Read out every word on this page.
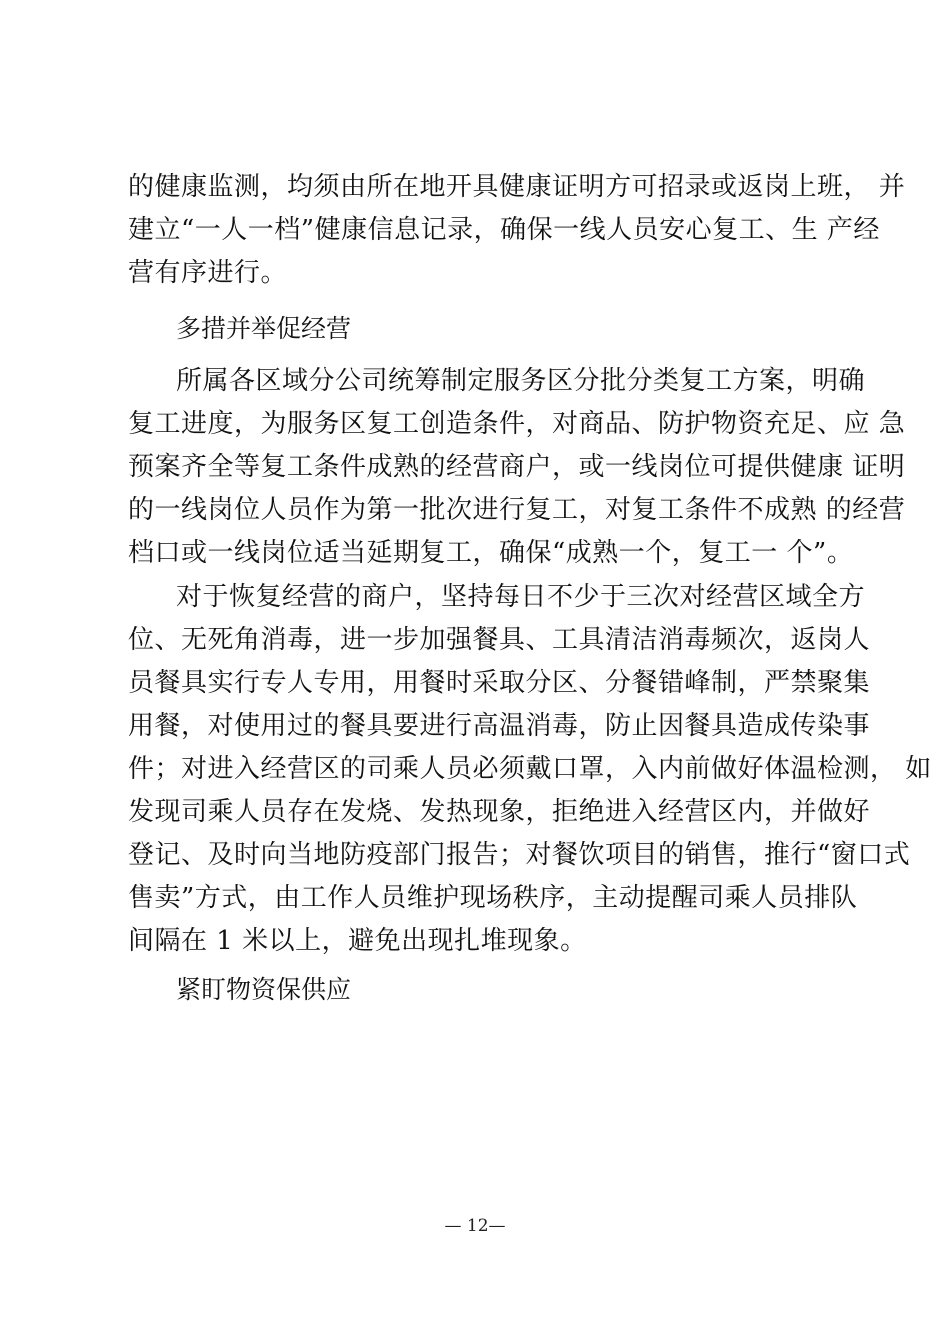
的健康监测，均须由所在地开具健康证明方可招录或返岗上班， 并
建立“一人一档”健康信息记录，确保一线人员安心复工、生 产经
营有序进行。

多措并举促经营

所属各区域分公司统筹制定服务区分批分类复工方案，明确
复工进度，为服务区复工创造条件，对商品、防护物资充足、应 急
预案齐全等复工条件成熟的经营商户，或一线岗位可提供健康 证明
的一线岗位人员作为第一批次进行复工，对复工条件不成熟 的经营
档口或一线岗位适当延期复工，确保“成熟一个，复工一 个”。

对于恢复经营的商户，坚持每日不少于三次对经营区域全方
位、无死角消毒，进一步加强餐具、工具清洁消毒频次，返岗人
员餐具实行专人专用，用餐时采取分区、分餐错峰制，严禁聚集
用餐，对使用过的餐具要进行高温消毒，防止因餐具造成传染事
件；对进入经营区的司乘人员必须戴口罩，入内前做好体温检测， 如
发现司乘人员存在发烧、发热现象，拒绝进入经营区内，并做好
登记、及时向当地防疫部门报告；对餐饮项目的销售，推行“窗口式
售卖”方式，由工作人员维护现场秩序，主动提醒司乘人员排队
间隔在 1 米以上，避免出现扎堆现象。

紧盯物资保供应
— 12—
